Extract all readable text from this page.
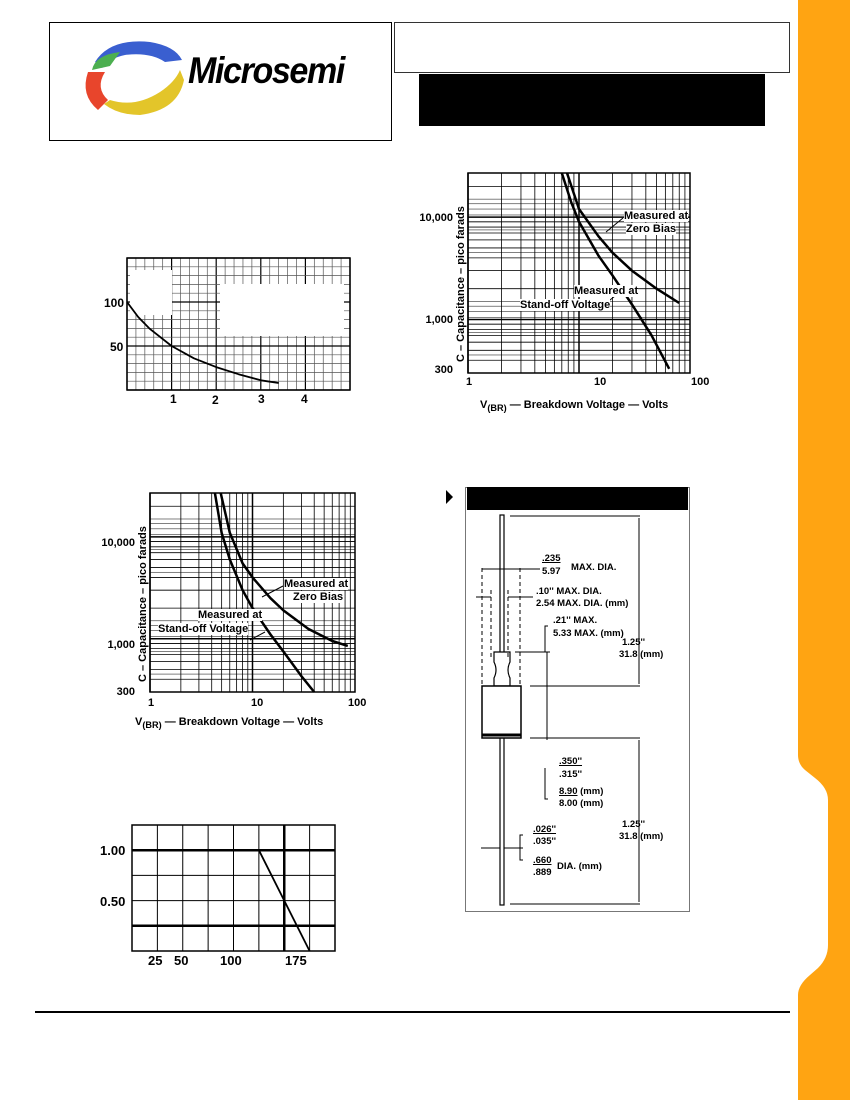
Microsemi
100
50
1	2	3	4
10,000
1,000
300
1	10	100
C – Capacitance – pico farads
$V_{(BR)}$ — Breakdown Voltage — Volts
Measured at
Zero Bias
Measured at
Stand-off Voltage
10,000
1,000
300
1	10	100
C – Capacitance – pico farads
$V_{(BR)}$ — Breakdown Voltage — Volts
Measured at
Zero Bias
Measured at
Stand-off Voltage
1.00
0.50
25 50 100	175
.235
5.97 MAX. DIA.
.10'' MAX. DIA.
2.54 MAX. DIA. (mm)
.21'' MAX.
5.33 MAX. (mm)
1.25''
31.8 (mm)
.350''
.315''
8.90 (mm)
8.00 (mm)
1.25''
31.8 (mm)
.026''
.035''
.660
.889
DIA. (mm)
